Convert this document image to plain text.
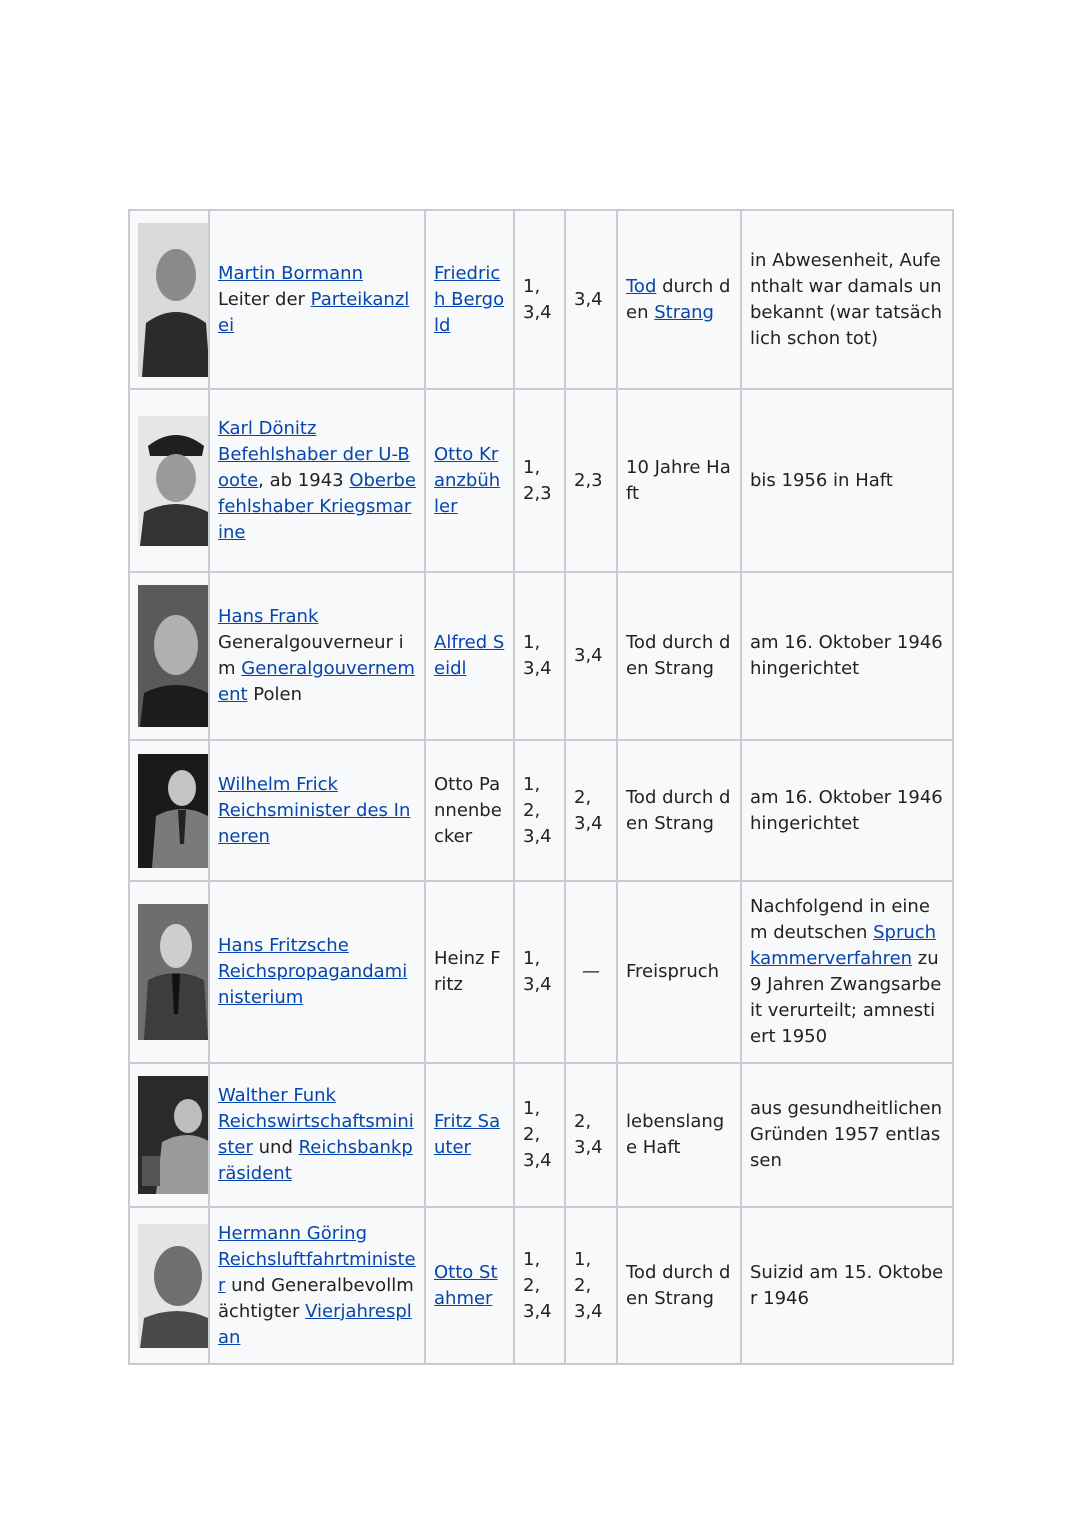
	Martin Bormann
Leiter der Parteikanzlei	Friedrich Bergold	1,3,4	3,4	Tod durch den Strang	in Abwesenheit, Aufenthalt war damals unbekannt (war tatsächlich schon tot)

	Karl Dönitz
Befehlshaber der U-Boote, ab 1943 Oberbefehlshaber Kriegsmarine	Otto Kranzbühler	1,2,3	2,3	10 Jahre Haft	bis 1956 in Haft

	Hans Frank
Generalgouverneur im Generalgouvernement Polen	Alfred Seidl	1,3,4	3,4	Tod durch den Strang	am 16. Oktober 1946 hingerichtet

	Wilhelm Frick
Reichsminister des Inneren	Otto Pannenbecker	1,2,3,4	2,3,4	Tod durch den Strang	am 16. Oktober 1946 hingerichtet

	Hans Fritzsche
Reichspropagandaministerium	Heinz Fritz	1,3,4	—	Freispruch	Nachfolgend in einem deutschen Spruchkammerverfahren zu 9 Jahren Zwangsarbeit verurteilt; amnestiert 1950

	Walther Funk
Reichswirtschaftsminister und Reichsbankpräsident	Fritz Sauter	1,2,3,4	2,3,4	lebenslange Haft	aus gesundheitlichen Gründen 1957 entlassen

	Hermann Göring
Reichsluftfahrtminister und Generalbevollmächtigter Vierjahresplan	Otto Stahmer	1,2,3,4	1,2,3,4	Tod durch den Strang	Suizid am 15. Oktober 1946
